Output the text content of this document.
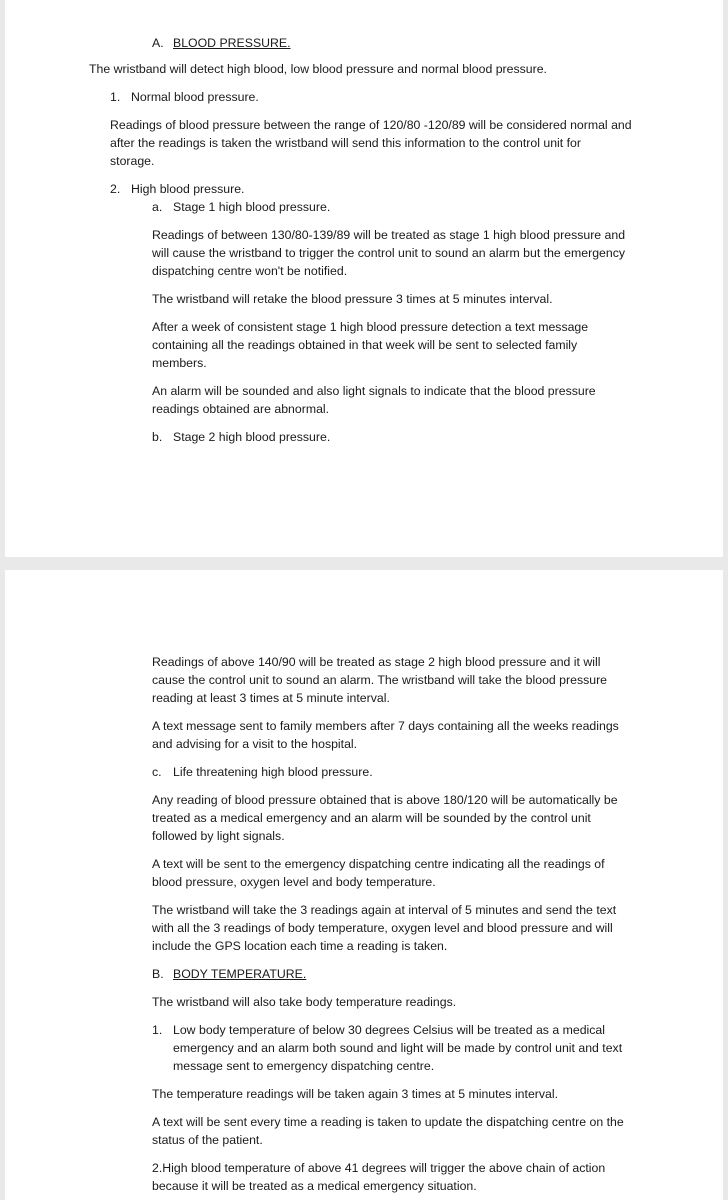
A. BLOOD PRESSURE.

The wristband will detect high blood, low blood pressure and normal blood pressure.

1. Normal blood pressure.

Readings of blood pressure between the range of 120/80 -120/89 will be considered normal and

after the readings is taken the wristband will send this information to the control unit for

storage.

2. High blood pressure.

a. Stage 1 high blood pressure.

Readings of between 130/80-139/89 will be treated as stage 1 high blood pressure and

will cause the wristband to trigger the control unit to sound an alarm but the emergency

dispatching centre won't be notified.

The wristband will retake the blood pressure 3 times at 5 minutes interval.

After a week of consistent stage 1 high blood pressure detection a text message

containing all the readings obtained in that week will be sent to selected family

members.

An alarm will be sounded and also light signals to indicate that the blood pressure

readings obtained are abnormal.

b. Stage 2 high blood pressure.

Readings of above 140/90 will be treated as stage 2 high blood pressure and it will

cause the control unit to sound an alarm. The wristband will take the blood pressure

reading at least 3 times at 5 minute interval.

A text message sent to family members after 7 days containing all the weeks readings

and advising for a visit to the hospital.

c. Life threatening high blood pressure.

Any reading of blood pressure obtained that is above 180/120 will be automatically be

treated as a medical emergency and an alarm will be sounded by the control unit

followed by light signals.

A text will be sent to the emergency dispatching centre indicating all the readings of

blood pressure, oxygen level and body temperature.

The wristband will take the 3 readings again at interval of 5 minutes and send the text

with all the 3 readings of body temperature, oxygen level and blood pressure and will

include the GPS location each time a reading is taken.

B. BODY TEMPERATURE.

The wristband will also take body temperature readings.

1. Low body temperature of below 30 degrees Celsius will be treated as a medical

emergency and an alarm both sound and light will be made by control unit and text

message sent to emergency dispatching centre.

The temperature readings will be taken again 3 times at 5 minutes interval.

A text will be sent every time a reading is taken to update the dispatching centre on the

status of the patient.

2.High blood temperature of above 41 degrees will trigger the above chain of action

because it will be treated as a medical emergency situation.
